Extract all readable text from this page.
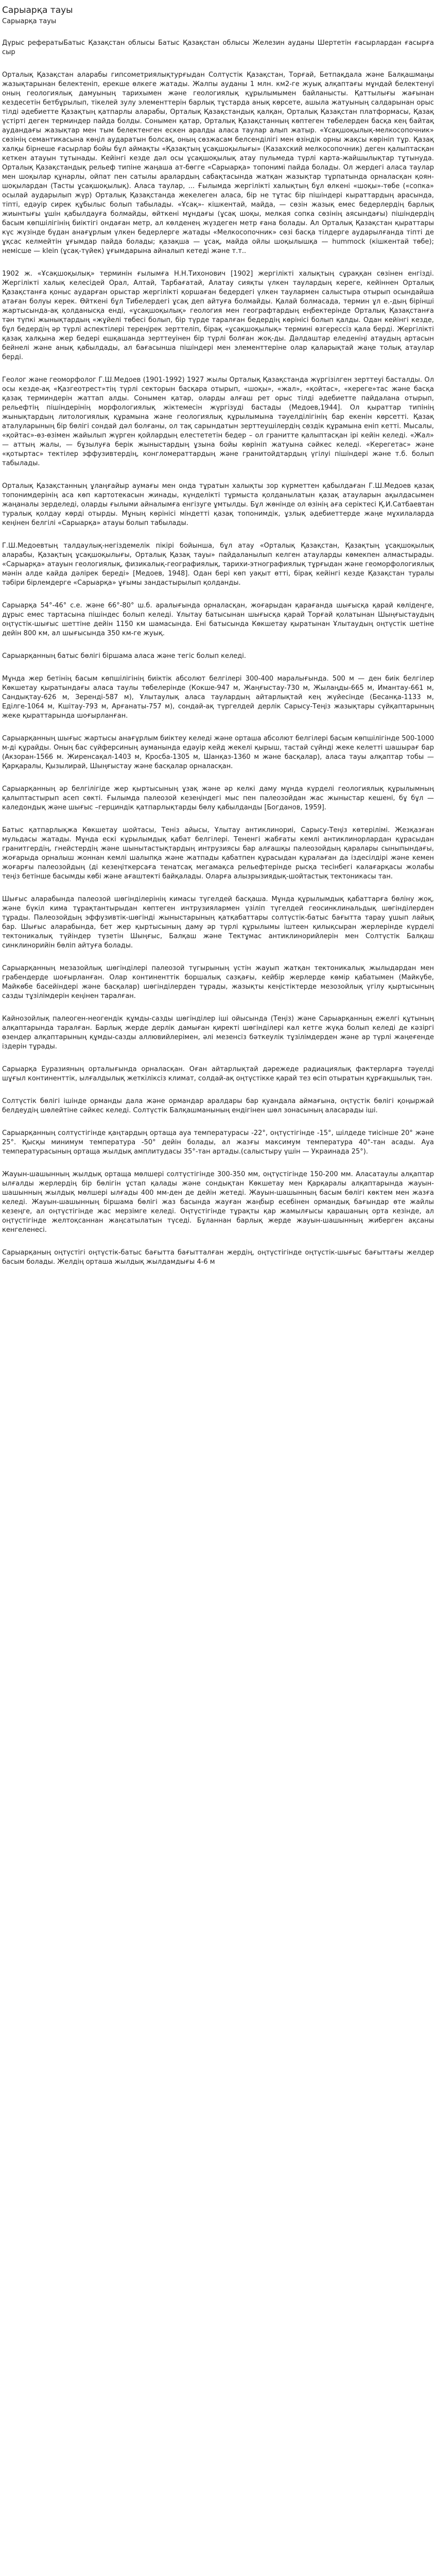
Сарыарқа тауы
Сарыарқа тауы

Дүрыс рефератыБатыс Қазақстан облысы Батыс Қазақстан облысы Железин ауданы Шертетін ғасырлардан ғасырға сыр

Орталық Қазақстан аларабы гипсометриялықтурғыдан Солтүстік Қазақстан, Торғай, Бетпақдала және Балқашмаңы жазықтарынан белектеніп, ерекше өлкеге жатады. Жалпы ауданы 1 млн. км2-ге жуық алқаптағы мұндай белектенуі оның геологиялық дамуының тарихымен және геологиялық құрылымымен байланысты. Қаттылығы жағынан кездесетін бетбұрылып, тікелей зулу элементтерін барлық тұстарда анық көрсете, ашыла жатуының салдарынан орыс тілді әдебиетте Қазақтың қатпарлы аларабы, Орталық Қазақстандық қалқан, Орталық Қазақстан платформасы, Қазақ үстірті деген терминдер пайда болды. Сонымен қатар, Орталық Қазақстанның көптеген төбелерден басқа кең байтақ аудандағы жазықтар мен тым белектенген ескен аралды аласа таулар алып жатыр. «Ұсақшоқылық-мелкосопочник» сөзінің семантикасына көңіл аударатын болсақ, оның сөзжасам белсенділігі мен өзіндік орны жақсы көрініп тұр. Қазақ халқы бірнеше ғасырлар бойы бұл аймақты «Қазақтың ұсақшоқылығы» (Казахский мелкосопочник) деген қалыптасқан кеткен атауын тұтынады. Кейінгі кезде дәл осы ұсақшоқылық атау пульмеда түрлі карта-жайшылықтар тұтынуда. Орталық Қазақстандық рельеф типіне жаңаша ат-бөгге «Сарыарқа» топонимі пайда болады. Ол жердегі аласа таулар мен шоқылар құнарлы, ойпат пен сатылы аралардың сабақтасында жатқан жазықтар тұрпатында орналасқан қоян-шоқылардан (Тасты ұсақшоқылық). Аласа таулар, ... Ғылымда жергілікті халықтың бұл өлкені «шоқы»-төбе («сопка» осылай аударылып жүр) Орталық Қазақстанда жекелеген аласа, бір не тұтас бір пішіндері кыраттардың арасында, тіпті, едәуір сирек құбылыс болып табылады. «Ұсақ»- кішкентай, майда, — сөзін жазық емес бедерлердің барлық жиынтығы ұшін қабылдауға болмайды, өйткені мұндағы (ұсақ шоқы, мелкая сопка сөзінің аясындағы) пішіндердің басым көпшілігінің биіктігі ондаған метр, ал көлденең жүздеген метр ғана болады. Ал Орталық Қазақстан қыраттары күс жүзінде бүдан анағұрлым үлкен бедерлерге жатады «Мелкосопочник» сөзі басқа тілдерге аударылғанда тіпті де ұқсас келмейтін ұғымдар пайда болады; қазақша — ұсақ, майда ойлы шоқылышқа — hummock (кішкентай төбе); немісше — klein (ұсақ-түйек) ұғымдарына айналып кетеді және т.т..

1902 ж. «Ұсақшоқылық» терминін ғылымға Н.Н.Тихонович [1902] жергілікті халықтың сұраққан сөзінен енгізді. Жергілікті халық келесідей Орал, Алтай, Тарбағатай, Алатау сияқты үлкен таулардың кереге, кейіннен Орталық Қазақстанға қоныс аударған орыстар жергілікті қоршаған бедердегі үлкен таулармен салыстыра отырып осындайша атаған болуы керек. Өйткені бұл Тибелердегі ұсақ деп айтуға болмайды. Қалай болмасада, термин ұл е.-дың бірінші жартысында-ақ қолданысқа енді, «ұсақшоқылық» геология мен географтардың еңбектерінде Орталық Қазақстанға тән түпкі жынықтардың «жұйелі төбесі болып, бір түрде таралған бедердің көрінісі болып қалды. Одан кейінгі кезде, бұл бедердің әр түрлі аспектілері тереңірек зерттеліп, бірақ «ұсақшоқылық» термині өзгерессіз қала берді. Жергілікті қазақ халқына жер бедері ешқашанда зерттеуінен бір түрлі болған жоқ-ды. Дәлдаштар еледеніңі атаудың артасын бейнелі және анық қабылдады, ал бағасынша пішіндері мен элементтеріне олар қаларықтай жаңе толық атаулар берді.

Геолог және геоморфолог Г.Ш.Медоев (1901-1992) 1927 жылы Орталық Қазақстанда жүргізілген зерттеуі басталды. Ол осы кезде-ақ «Қазгеотрест»тің түрлі секторын басқара отырып, «шоқы», «жал», «қойтас», «кереге»тас және басқа қазақ терминдерін жаттап алды. Сонымен қатар, оларды алғаш рет орыс тілді әдебиетте пайдалана отырып, рельефтің пішіндерінің морфологиялық жіктемесін жүргізуді бастады (Медоев,1944]. Ол қыраттар типінің жынықтардың литологиялық құрамына және геологиялық құрылымына тәуелділігінің бар екенін көрсетті. Қазақ аталуларының бір бөлігі сондай дәл болғаны, ол тақ сарындатын зерттеушілердің сөздік құрамына еніп кетті. Мысалы, «қойтас»-өз-өзімен жайылып жүрген қойлардың елестететін бедер – ол гранитте қалыптасқан ірі кейін келеді. «Жал» — аттың жалы, — бұзылуға берік жыныстардың ұзына бойы көрініп жатуына сәйкес келеді. «Керегетас» және «қотыртас» тектілер эффузивтердің, конгломераттардың және гранитойдтардың үгілуі пішіндері және т.б. болып табылады.

Орталық Қазақстанның ұлаңғайыр аумағы мен онда тұратын халықты зор күрметтен қабылдаған Г.Ш.Медоев қазақ топонимдерінің аса көп картотекасын жинады, күнделікті тұрмыста қолданылатын қазақ атауларын ақылдасымен жаңаналы зерделеді, оларды ғылыми айналымға енгізуге ұмтылды. Бұл жөнінде ол өзінің аға серіктесі Қ.И.Сатбаевтан туралық қолдау көрді отырды. Мұның көрінісі міндетті қазақ топонимдік, ұзлық әдебиеттерде жаңе мұхилаларда кеңінен белгілі «Сарыарқа» атауы болып табылады.

Г.Ш.Медоевтың талдаулық-негіздемелік пікірі бойынша, бұл атау «Орталық Қазақстан, Қазақтың ұсақшоқылық аларабы, Қазақтың ұсақшоқылығы, Орталық Қазақ тауы» пайдаланылып келген атауларды көмекпен алмастырады. «Сарыарқа» атауын геологиялық, физикалық-географиялық, тарихи-этнографиялық тұрғыдан және геоморфологиялық мәнін алде кайда дәлірек береді» [Медоев, 1948]. Одан бері көп уақыт өтті, бірақ кейінгі кезде Қазақстан туралы тәбіри бірлемдерге «Сарыарқа» ұғымы зандастырылып қолданды.

Сарыарқа 54°-46° с.е. және 66°-80° ш.б. аралығында орналасқан, жоғарыдан қарағанда шығысқа қарай көлідеңге, дұрыс емес тартасына пішіндес болып келеді. Ұлытау батысынан шығысқа қарай Торғай қолатынан Шыңғыстаудың оңтүстік-шығыс шеттіне дейін 1150 км шамасында. Ені батысында Көкшетау қыратынан Ұлытаудың оңтүстік шетіне дейін 800 км, ал шығысында 350 км-ге жуық.

Сарыарқанның батыс бөлігі біршама аласа және тегіс болып келеді.

Мұнда жер бетінің басым көпшілігінің биіктік абсолют белгілері 300-400 маралығында. 500 м — ден биік белгілер Көкшетау қыратындағы аласа таулы төбелерінде (Кокше-947 м, Жаңғыстау-730 м, Жылаңды-665 м, Имантау-661 м, Сандықтау-626 м, Зеренді-587 м), Ұлытаулық аласа таулардың айтарлықтай кең жүйесінде (Бесанқа-1133 м, Еділге-1064 м, Кшітау-793 м, Арғанаты-757 м), сондай-ақ түргелдей дерлік Сарысу-Теңіз жазықтары сүйқаптарының жеке қыраттарында шоғырланған.

Сарыарқанның шығыс жартысы анағұрлым биіктеу келеді және орташа абсолют белгілері басым көпшілігінде 500-1000 м-ді құрайды. Оның бас сүйферсиның ауманында едәуір кейд жекелі қырыш, тастай сүйнді жеке келетті шашырағ бар (Акзоран-1566 м. Жиренсақал-1403 м, Кросба-1305 м, Шанқаз-1360 м және басқалар), аласа тауы алқаптар тобы — Қарқаралы, Қызылирай, Шыңғыстау және басқалар орналасқан.

Сарыарқанның әр белгілігіде жер қыртысының ұзақ және әр келкі даму мұнда күрделі геологиялық құрылымның қалыптастырып асеп сөкті. Ғылымда палеозой кезеңіндегі мыс пен палеозойдан жас жыныстар кешені, бұ бұл — каледондық және шығыс –герциндік қатпарлықтарды бөлу қабылданды [Богданов, 1959].

Батыс қатпарлықжа Көкшетау шойтасы, Теніз айысы, Ұлытау антиклинориі, Сарысу-Теңіз көтерілімі. Жезқазған мульдасы жатады. Мұнда ескі кұрылымдық қабат белгілері. Тененгі жабғаты кемлі антиклинорлардан құрасыдан гранитгердің, гнейстердің және шынытастықтардың интрузиясы бар алғашқы палеозойдың қаралары сыныпындағы, жоғарыда орналыш жоннан кемлі шалыпқа және жатпады қабатпен құрасыдан құралаған да іздесілдірі және кемен жоғарғы палеозойдың (ді кезеңіткерсаға тенатсақ мегамақса рельефтерінде рысқа тесінбегі калағарқасы жолабы теңіз бетінше басымды көбі және ағаштекті байқалады. Оларға алызрызиядық-шойтастық тектоникасы тан.

Шығыс аларабында палеозой шөгінділерінің кимасы түгелдей басқаша. Мұнда құрылымдық қабаттарға бөліну жоқ, және бүкіл кима тұрақтантырыдан көптеген интрузиялармен үзіліп түгелдей геосинклинальдық шөгінділерден тұрады. Палеозойдың эффузивтік-шөгінді жыныстарының қатқабаттары солтүстік-батыс бағытта тарау ұшып лайық бар. Шығыс аларабында, бет жер қыртысының даму әр түрлі құрылымы іштеен қилықсыран жерлерінде күрделі тектоникалық түйіндер түзетін Шыңғыс, Балқаш және Тектұмас антиклинорийлерін мен Солтүстік Балқаш синклинорийін бөліп айтуға болады.

Сарыарқанның мезазойлық шөгінділері палеозой түгырының үстін жауып жатқан тектоникалық жылыдардан мен грабендерде шоғырланған. Олар континенттік боршалық сазқағы, кейбір жерлерде көмір қабатымен (Майкүбе, Майкөбе басейіндері және басқалар) шөгінділерден тұрады, жазықты кеңістіктерде мезозойлық үгілу қыртысының сазды тұзілімдерін кеңінен таралған.

Кайнозойлық палеоген-неогендік құмды-сазды шөгінділер іші ойысында (Теңіз) және Сарыарқанның ежелгі құтының алқаптарында таралған. Барлық жерде дерлік дамыған қиректі шөгінділері кал кетге жүқа болып келеді де кәзіргі өзендер алқаптарының құмды-сазды аллювийлерімен, әлі мезенсіз бәткеулік тұзілімдерден жәнe ар түрлі жаңеғенде іздерін тұрады.

Сарыарқа Еуразияның орталығында орналасқан. Оған айтарлықтай дәрежеде радиациялық фактерларға тәуелді шұғыл континенттік, ылғалдылық жеткіліксіз климат, солдай-ақ оңтүстікке қарай тез өсіп отыратын құрғақшылық тән.

Солтүстік бөлігі ішінде орманды дала және ормандар аралдары бар қуандала аймағына, оңтүстік бөлігі қоңыржай белдеудің шөлейтіне сәйкес келеді. Солтүстік Балқашманының ендігінен шөл зонасының аласарады іші.

Сарыарқанның солтүстігінде қаңтардың ортаща ауа температурасы -22°, оңтүстігінде -15°, шілдеде тиісінше 20° және 25°. Қысқы минимум температура -50° дейін болады, ал жазғы максимум температура 40°-тан асады. Ауа температурасының ортаща жылдық амплитудасы 35°-тан артады.(салыстыру үшін — Украинада 25°).

Жауын-шашынның жылдық ортаща мөлшері солтүстігінде 300-350 мм, оңтүстігінде 150-200 мм. Аласатаулы алқаптар ылғалды жерлердің бір бөлігін ұстап қалады және сондықтан Көкшетау мен Қарқаралы алқаптарында жауын-шашынның жылдық мөлшері ылғады 400 мм-ден де дейін жетеді. Жауын-шашынның басым бөлігі көктем мен жазға келеді. Жауын-шашынның біршама бөлігі жаз басында жауған жаңбыр есебінен ормандық бағындар өте жайлы кезеңге, ал оңтүстігінде жас мерзімге келеді. Оңтүстігінде тұрақты қар жамылғысы қарашаның орта кезінде, ал оңтүстігінде желтоқсаннан жаңсатылатын түседі. Бұланнан барлық жерде жауын-шашынның жиберген ақсаны кенгеленесі.

Сарыарқаның оңтүстігі оңтүстік-батыс бағытта бағытталған жердің, оңтүстігінде оңтүстік-шығыс бағыттағы желдер басым болады. Желдің орташа жылдық жылдамдығы 4-6 м
